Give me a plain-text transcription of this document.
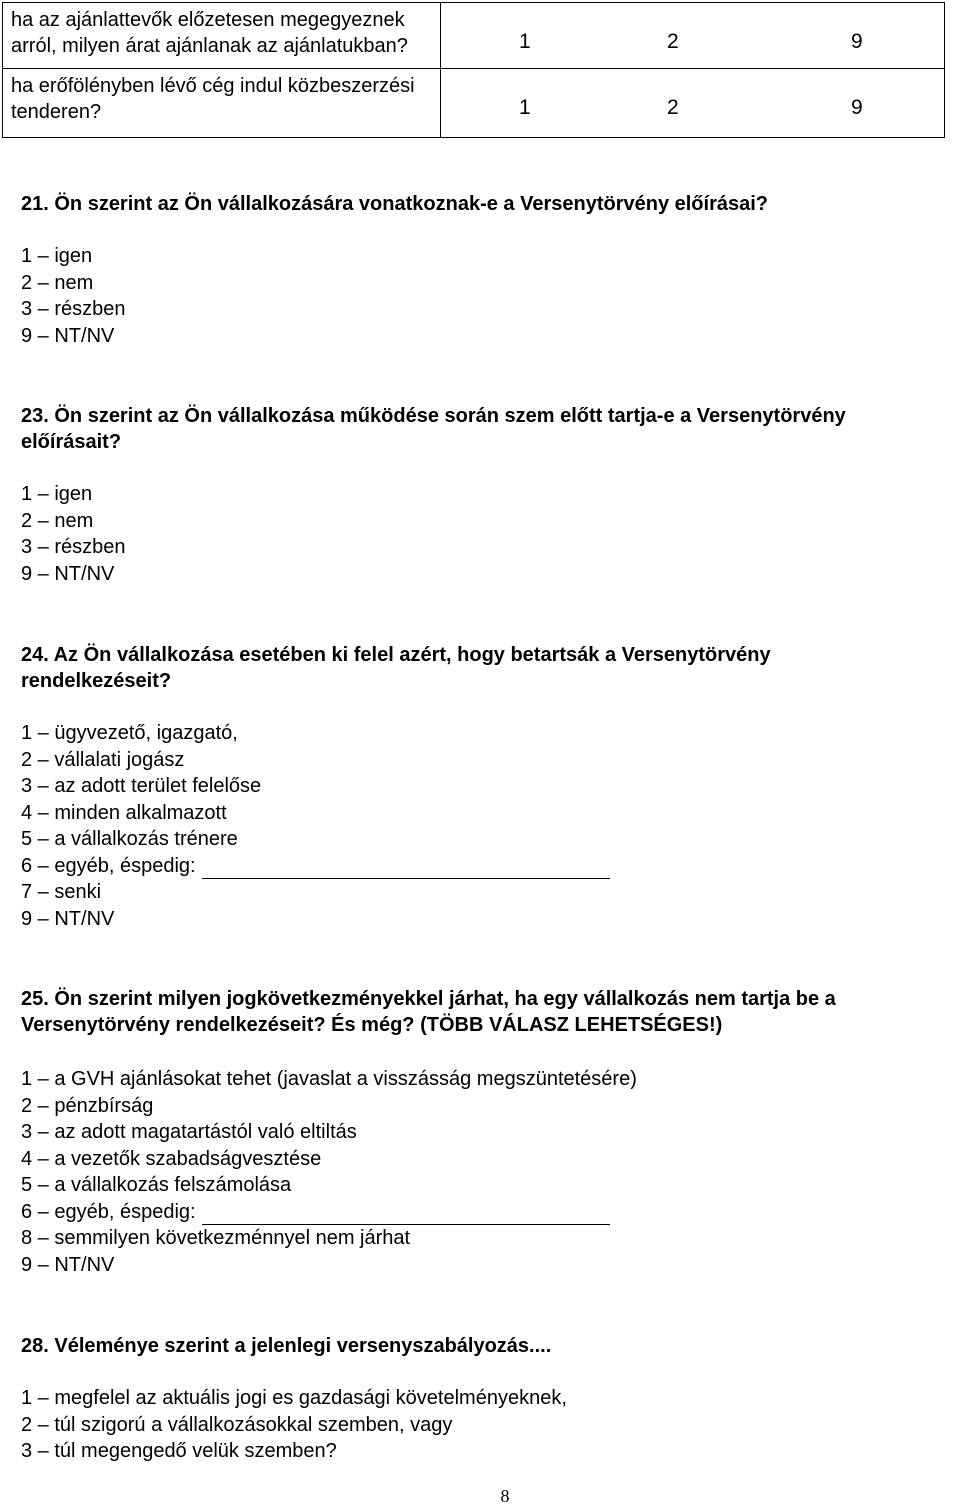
ha az ajánlattevők előzetesen megegyeznek arról, milyen árat ajánlanak az ajánlatukban?	1 2 9

ha erőfölényben lévő cég indul közbeszerzési tenderen?	1 2 9

21. Ön szerint az Ön vállalkozására vonatkoznak-e a Versenytörvény előírásai?

1 – igen

2 – nem

3 – részben

9 – NT/NV

23. Ön szerint az Ön vállalkozása működése során szem előtt tartja-e a Versenytörvény

előírásait?

1 – igen

2 – nem

3 – részben

9 – NT/NV

24. Az Ön vállalkozása esetében ki felel azért, hogy betartsák a Versenytörvény

rendelkezéseit?

1 – ügyvezető, igazgató,

2 – vállalati jogász

3 – az adott terület felelőse

4 – minden alkalmazott

5 – a vállalkozás trénere

6 – egyéb, éspedig:

7 – senki

9 – NT/NV

25. Ön szerint milyen jogkövetkezményekkel járhat, ha egy vállalkozás nem tartja be a

Versenytörvény rendelkezéseit? És még? (TÖBB VÁLASZ LEHETSÉGES!)

1 – a GVH ajánlásokat tehet (javaslat a visszásság megszüntetésére)

2 – pénzbírság

3 – az adott magatartástól való eltiltás

4 – a vezetők szabadságvesztése

5 – a vállalkozás felszámolása

6 – egyéb, éspedig:

8 – semmilyen következménnyel nem járhat

9 – NT/NV

28. Véleménye szerint a jelenlegi versenyszabályozás....

1 – megfelel az aktuális jogi es gazdasági követelményeknek,

2 – túl szigorú a vállalkozásokkal szemben, vagy

3 – túl megengedő velük szemben?

8
